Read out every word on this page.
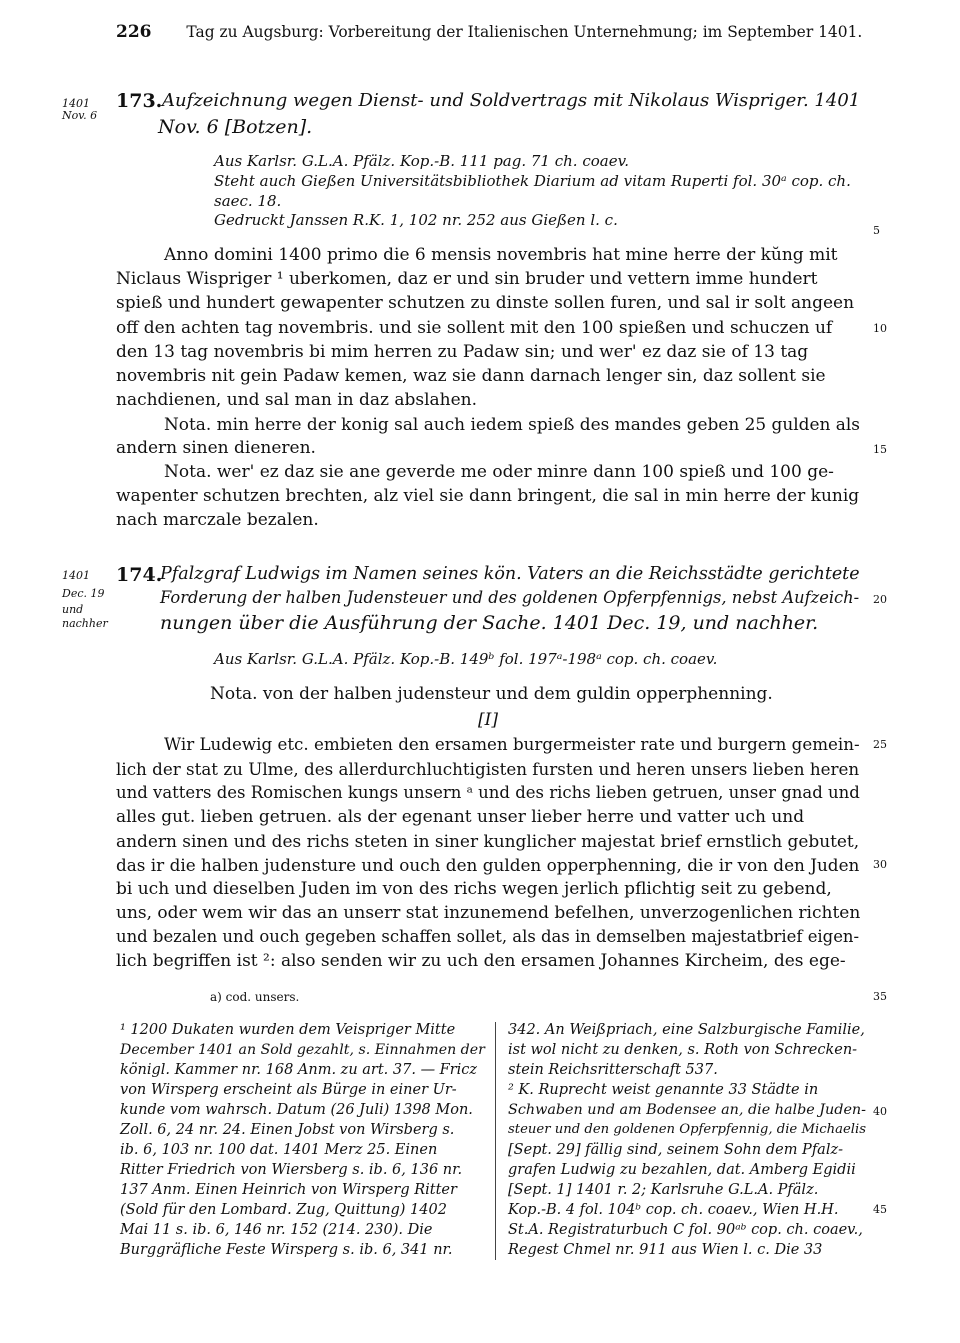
226 Tag zu Augsburg: Vorbereitung der Italienischen Unternehmung; im September 1401.
1401
Nov. 6
173. Aufzeichnung wegen Dienst- und Soldvertrags mit Nikolaus Wispriger. 1401
Nov. 6 [Botzen].
Aus Karlsr. G.L.A. Pfälz. Kop.-B. 111 pag. 71 ch. coaev.
Steht auch Gießen Universitätsbibliothek Diarium ad vitam Ruperti fol. 30ᵃ cop. ch.
saec. 18.
Gedruckt Janssen R.K. 1, 102 nr. 252 aus Gießen l. c.
Anno domini 1400 primo die 6 mensis novembris hat mine herre der kŭng mit
Niclaus Wispriger ¹ uberkomen, daz er und sin bruder und vettern imme hundert
spieß und hundert gewapenter schutzen zu dinste sollen furen, und sal ir solt angeen
off den achten tag novembris. und sie sollent mit den 100 spießen und schuczen uf
den 13 tag novembris bi mim herren zu Padaw sin; und wer' ez daz sie of 13 tag
novembris nit gein Padaw kemen, waz sie dann darnach lenger sin, daz sollent sie
nachdienen, und sal man in daz abslahen.
Nota. min herre der konig sal auch iedem spieß des mandes geben 25 gulden als
andern sinen dieneren.
Nota. wer' ez daz sie ane geverde me oder minre dann 100 spieß und 100 ge-
wapenter schutzen brechten, alz viel sie dann bringent, die sal in min herre der kunig
nach marczale bezalen.
1401
Dec. 19
und
nachher
174.
Pfalzgraf Ludwigs im Namen seines kön. Vaters an die Reichsstädte gerichtete
Forderung der halben Judensteuer und des goldenen Opferpfennigs, nebst Aufzeich-
nungen über die Ausführung der Sache. 1401 Dec. 19, und nachher.
Aus Karlsr. G.L.A. Pfälz. Kop.-B. 149ᵇ fol. 197ᵃ-198ᵃ cop. ch. coaev.
Nota. von der halben judensteur und dem guldin opperphenning.
[I]
Wir Ludewig etc. embieten den ersamen burgermeister rate und burgern gemein-
lich der stat zu Ulme, des allerdurchluchtigisten fursten und heren unsers lieben heren
und vatters des Romischen kungs unsern ᵃ und des richs lieben getruen, unser gnad und
alles gut. lieben getruen. als der egenant unser lieber herre und vatter uch und
andern sinen und des richs steten in siner kunglicher majestat brief ernstlich gebutet,
das ir die halben judensture und ouch den gulden opperphenning, die ir von den Juden
bi uch und dieselben Juden im von des richs wegen jerlich pflichtig seit zu gebend,
uns, oder wem wir das an unserr stat inzunemend befelhen, unverzogenlichen richten
und bezalen und ouch gegeben schaffen sollet, als das in demselben majestatbrief eigen-
lich begriffen ist ²: also senden wir zu uch den ersamen Johannes Kircheim, des ege-
a) cod. unsers.
5
10
15
20
25
30
35
40
45
¹ 1200 Dukaten wurden dem Veispriger Mitte
December 1401 an Sold gezahlt, s. Einnahmen der
königl. Kammer nr. 168 Anm. zu art. 37. — Fricz
von Wirsperg erscheint als Bürge in einer Ur-
kunde vom wahrsch. Datum (26 Juli) 1398 Mon.
Zoll. 6, 24 nr. 24. Einen Jobst von Wirsberg s.
ib. 6, 103 nr. 100 dat. 1401 Merz 25. Einen
Ritter Friedrich von Wiersberg s. ib. 6, 136 nr.
137 Anm. Einen Heinrich von Wirsperg Ritter
(Sold für den Lombard. Zug, Quittung) 1402
Mai 11 s. ib. 6, 146 nr. 152 (214. 230). Die
Burggräfliche Feste Wirsperg s. ib. 6, 341 nr.
342. An Weißpriach, eine Salzburgische Familie,
ist wol nicht zu denken, s. Roth von Schrecken-
stein Reichsritterschaft 537.
² K. Ruprecht weist genannte 33 Städte in
Schwaben und am Bodensee an, die halbe Juden-
steuer und den goldenen Opferpfennig, die Michaelis
[Sept. 29] fällig sind, seinem Sohn dem Pfalz-
grafen Ludwig zu bezahlen, dat. Amberg Egidii
[Sept. 1] 1401 r. 2; Karlsruhe G.L.A. Pfälz.
Kop.-B. 4 fol. 104ᵇ cop. ch. coaev., Wien H.H.
St.A. Registraturbuch C fol. 90ᵃᵇ cop. ch. coaev.,
Regest Chmel nr. 911 aus Wien l. c. Die 33
